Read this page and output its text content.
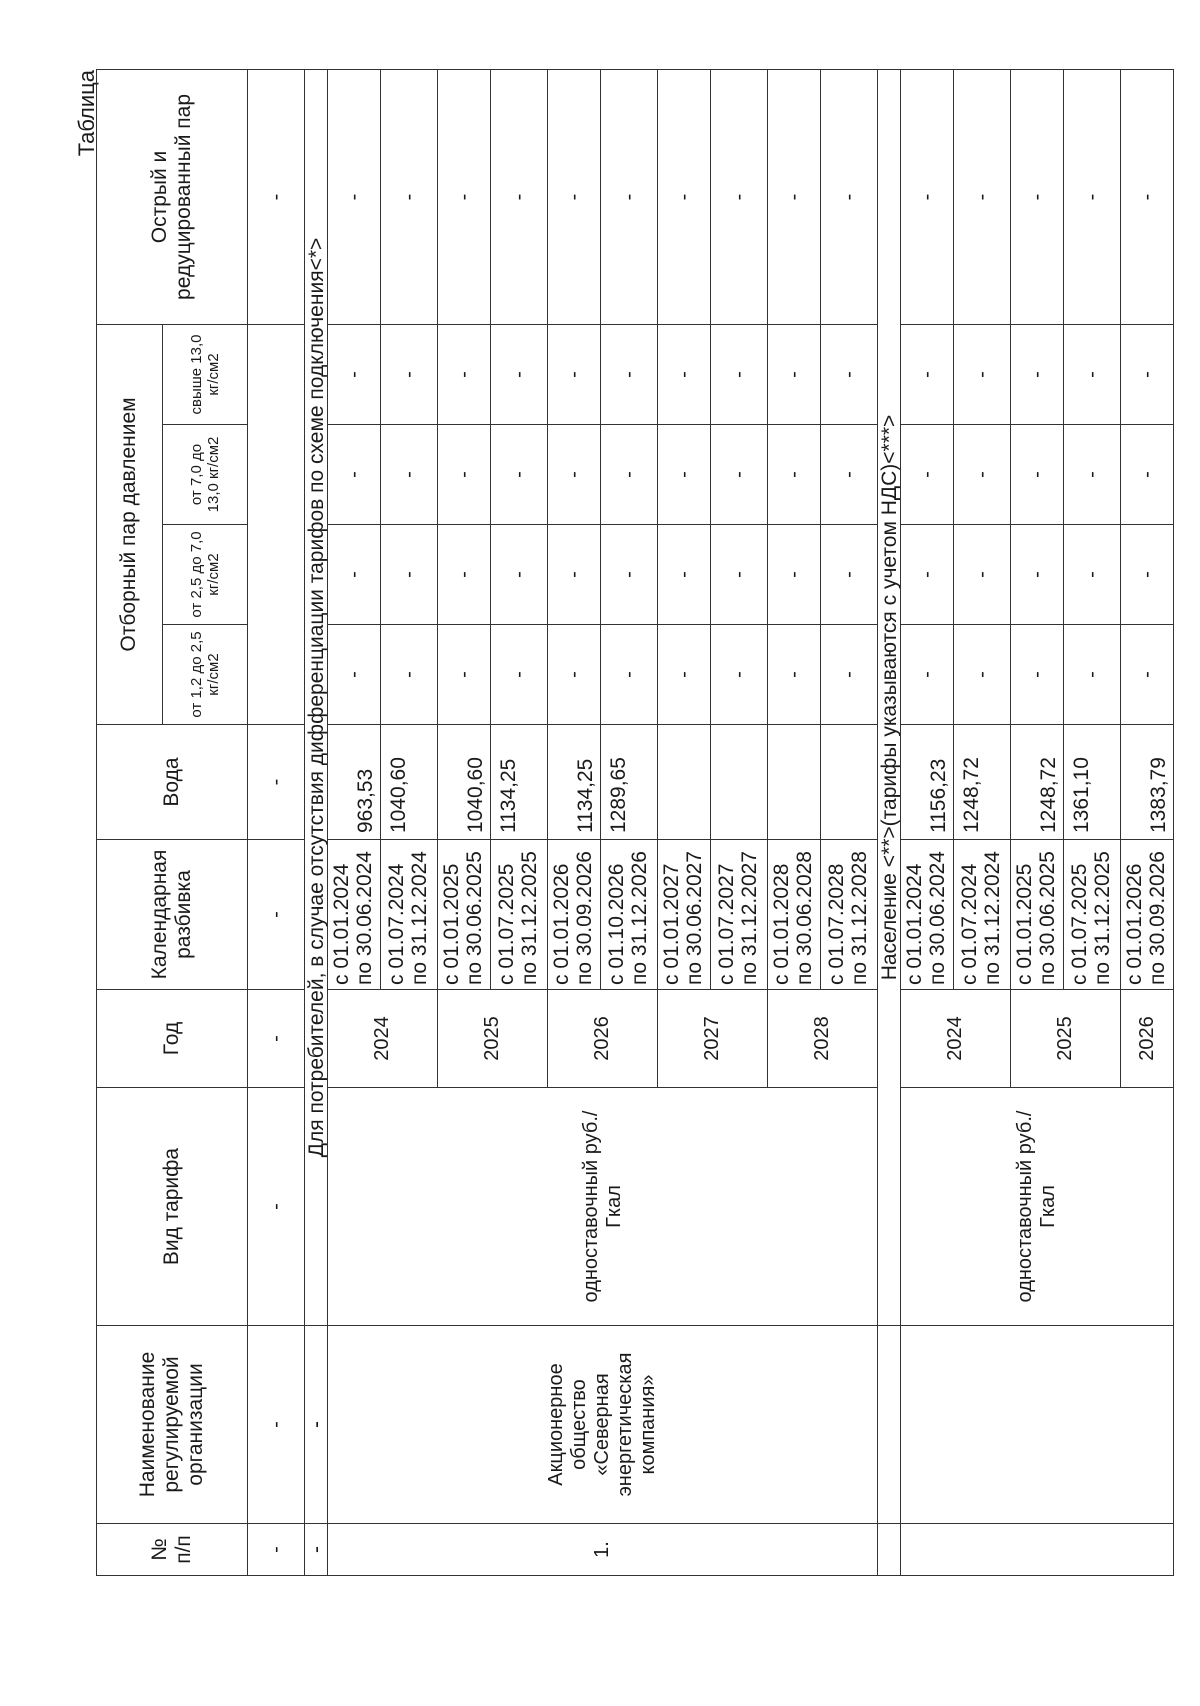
Таблица
№ п/п	Наименование регулируемой организации	Вид тарифа	Год	Календарная разбивка	Вода	Отборный пар давлением				Острый и редуцированный пар
						от 1,2 до 2,5 кг/см2	от 2,5 до 7,0 кг/см2	от 7,0 до 13,0 кг/см2	свыше 13,0 кг/см2	
-	-	-	-	-	-					-
-	-	Для потребителей, в случае отсутствия дифференциации тарифов по схеме подключения<*>								
1.	Акционерное общество «Северная энергетическая компания»	одноставочный руб./Гкал	2024	с 01.01.2024 по 30.06.2024	963,53	-	-	-	-	-

				с 01.07.2024 по 31.12.2024	1040,60	-	-	-	-	-
			2025	с 01.01.2025 по 30.06.2025	1040,60	-	-	-	-	-

				с 01.07.2025 по 31.12.2025	1134,25	-	-	-	-	-
			2026	с 01.01.2026 по 30.09.2026	1134,25	-	-	-	-	-

				с 01.10.2026 по 31.12.2026	1289,65	-	-	-	-	-
			2027	с 01.01.2027 по 30.06.2027		-	-	-	-	-

				с 01.07.2027 по 31.12.2027		-	-	-	-	-
			2028	с 01.01.2028 по 30.06.2028		-	-	-	-	-

				с 01.07.2028 по 31.12.2028		-	-	-	-	-
		Население <**>(тарифы указываются с учетом НДС)<***>								
		одноставочный руб./Гкал	2024	с 01.01.2024 по 30.06.2024	1156,23	-	-	-	-	-

				с 01.07.2024 по 31.12.2024	1248,72	-	-	-	-	-
			2025	с 01.01.2025 по 30.06.2025	1248,72	-	-	-	-	-

				с 01.07.2025 по 31.12.2025	1361,10	-	-	-	-	-
			2026	с 01.01.2026 по 30.09.2026	1383,79	-	-	-	-	-
